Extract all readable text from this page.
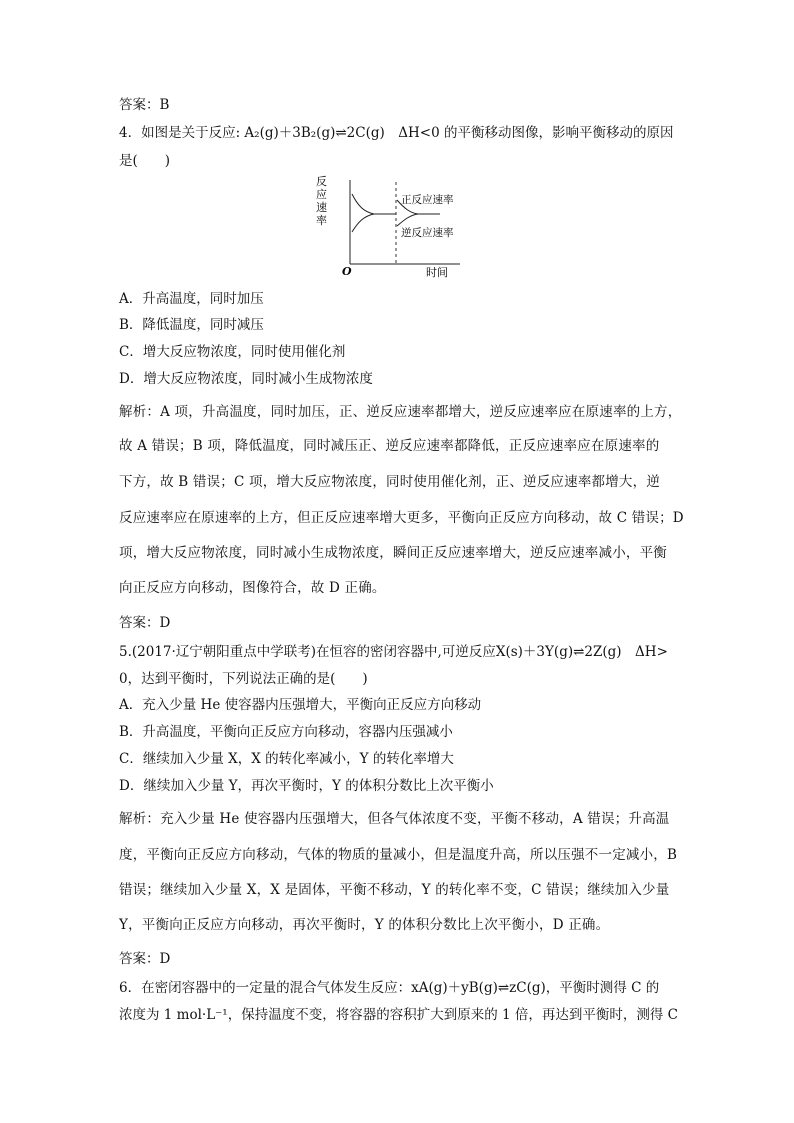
答案：B
4．如图是关于反应: A₂(g)＋3B₂(g)⇌2C(g)　ΔH<0 的平衡移动图像，影响平衡移动的原因
是(　　)
反
应
速
率
O	时间
正反应速率
逆反应速率
A．升高温度，同时加压
B．降低温度，同时减压
C．增大反应物浓度，同时使用催化剂
D．增大反应物浓度，同时减小生成物浓度
解析：A 项，升高温度，同时加压，正、逆反应速率都增大，逆反应速率应在原速率的上方，
故 A 错误；B 项，降低温度，同时减压正、逆反应速率都降低，正反应速率应在原速率的
下方，故 B 错误；C 项，增大反应物浓度，同时使用催化剂，正、逆反应速率都增大，逆
反应速率应在原速率的上方，但正反应速率增大更多，平衡向正反应方向移动，故 C 错误；D
项，增大反应物浓度，同时减小生成物浓度，瞬间正反应速率增大，逆反应速率减小，平衡
向正反应方向移动，图像符合，故 D 正确。
答案：D
5.(2017·辽宁朝阳重点中学联考)在恒容的密闭容器中,可逆反应X(s)＋3Y(g)⇌2Z(g)　ΔH>
0，达到平衡时，下列说法正确的是(　　)
A．充入少量 He 使容器内压强增大，平衡向正反应方向移动
B．升高温度，平衡向正反应方向移动，容器内压强减小
C．继续加入少量 X，X 的转化率减小，Y 的转化率增大
D．继续加入少量 Y，再次平衡时，Y 的体积分数比上次平衡小
解析：充入少量 He 使容器内压强增大，但各气体浓度不变，平衡不移动，A 错误；升高温
度，平衡向正反应方向移动，气体的物质的量减小，但是温度升高，所以压强不一定减小，B
错误；继续加入少量 X，X 是固体，平衡不移动，Y 的转化率不变，C 错误；继续加入少量
Y，平衡向正反应方向移动，再次平衡时，Y 的体积分数比上次平衡小，D 正确。
答案：D
6．在密闭容器中的一定量的混合气体发生反应：xA(g)＋yB(g)⇌zC(g)，平衡时测得 C 的
浓度为 1 mol·L⁻¹，保持温度不变，将容器的容积扩大到原来的 1 倍，再达到平衡时，测得 C
